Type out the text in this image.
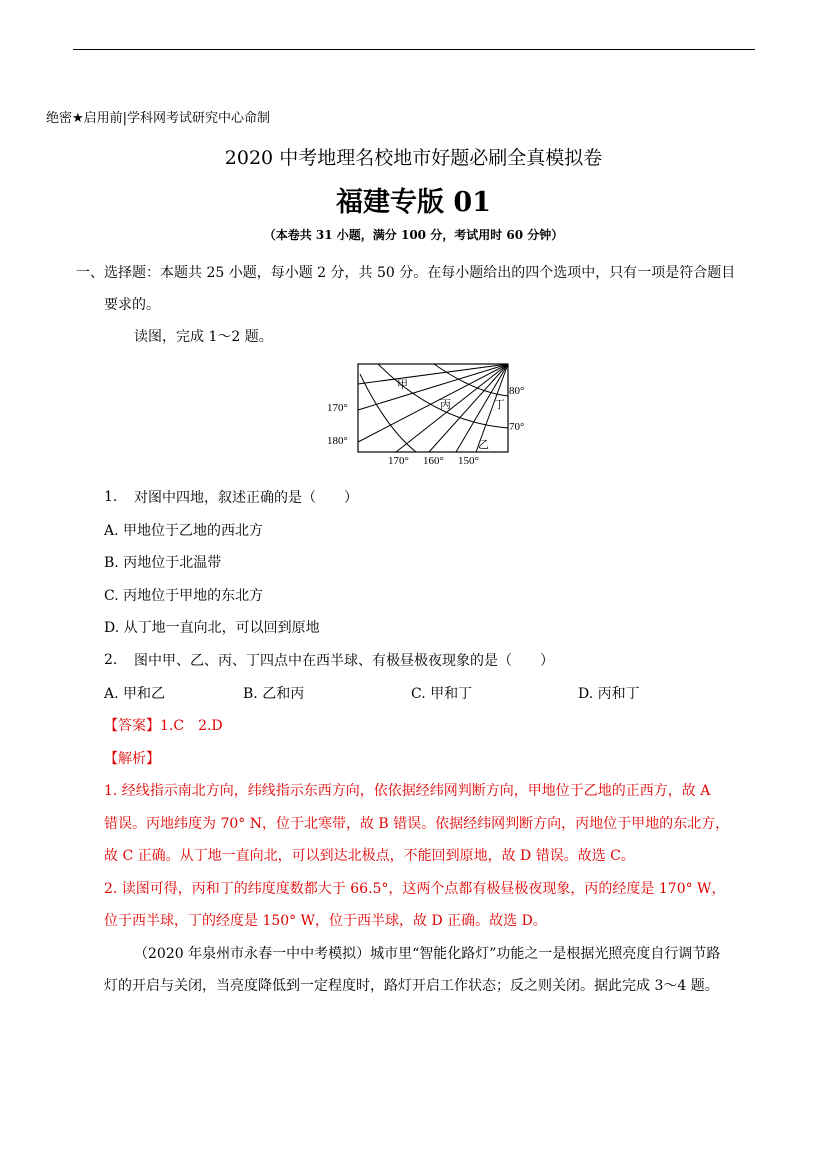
绝密★启用前|学科网考试研究中心命制
2020 中考地理名校地市好题必刷全真模拟卷
福建专版 01
（本卷共 31 小题，满分 100 分，考试用时 60 分钟）
一、选择题：本题共 25 小题，每小题 2 分，共 50 分。在每小题给出的四个选项中，只有一项是符合题目
要求的。
读图，完成 1～2 题。
甲
丙	丁
乙
80°
70°
170°
180°
170° 160° 150°
1. 对图中四地，叙述正确的是（　　）
A. 甲地位于乙地的西北方
B. 丙地位于北温带
C. 丙地位于甲地的东北方
D. 从丁地一直向北，可以回到原地
2. 图中甲、乙、丙、丁四点中在西半球、有极昼极夜现象的是（　　）
A. 甲和乙	B. 乙和丙	C. 甲和丁	D. 丙和丁
【答案】1.C　2.D
【解析】
1. 经线指示南北方向，纬线指示东西方向，依依据经纬网判断方向，甲地位于乙地的正西方，故 A
错误。丙地纬度为 70° N，位于北寒带，故 B 错误。依据经纬网判断方向，丙地位于甲地的东北方，
故 C 正确。从丁地一直向北，可以到达北极点，不能回到原地，故 D 错误。故选 C。
2. 读图可得，丙和丁的纬度度数都大于 66.5°，这两个点都有极昼极夜现象，丙的经度是 170° W，
位于西半球，丁的经度是 150° W，位于西半球，故 D 正确。故选 D。
（2020 年泉州市永春一中中考模拟）城市里“智能化路灯”功能之一是根据光照亮度自行调节路
灯的开启与关闭，当亮度降低到一定程度时，路灯开启工作状态；反之则关闭。据此完成 3～4 题。
